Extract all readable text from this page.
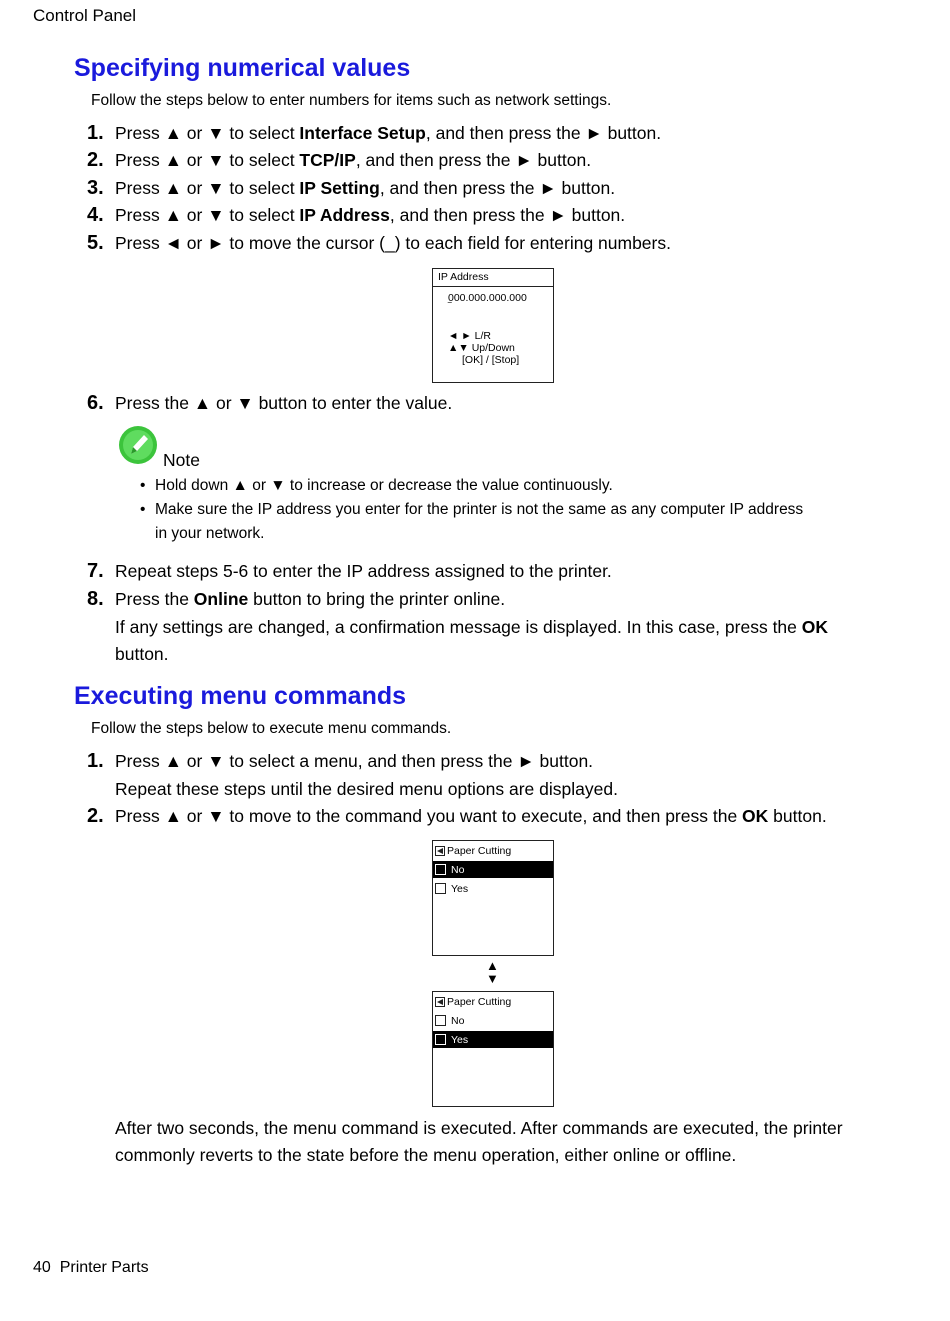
Control Panel
Specifying numerical values
Follow the steps below to enter numbers for items such as network settings.
1. Press ▲ or ▼ to select Interface Setup, and then press the ► button.
2. Press ▲ or ▼ to select TCP/IP, and then press the ► button.
3. Press ▲ or ▼ to select IP Setting, and then press the ► button.
4. Press ▲ or ▼ to select IP Address, and then press the ► button.
5. Press ◄ or ► to move the cursor (_) to each field for entering numbers.
IP Address
000.000.000.000
‾
◄ ► L/R
▲▼ Up/Down
[OK] / [Stop]
6. Press the ▲ or ▼ button to enter the value.
Note
• Hold down ▲ or ▼ to increase or decrease the value continuously.
• Make sure the IP address you enter for the printer is not the same as any computer IP address
in your network.
7. Repeat steps 5-6 to enter the IP address assigned to the printer.
8. Press the Online button to bring the printer online.
If any settings are changed, a confirmation message is displayed. In this case, press the OK
button.
Executing menu commands
Follow the steps below to execute menu commands.
1. Press ▲ or ▼ to select a menu, and then press the ► button.
Repeat these steps until the desired menu options are displayed.
2. Press ▲ or ▼ to move to the command you want to execute, and then press the OK button.
Paper Cutting
No
Yes
▲
▼
Paper Cutting
No
Yes
After two seconds, the menu command is executed. After commands are executed, the printer
commonly reverts to the state before the menu operation, either online or offline.
40 Printer Parts
